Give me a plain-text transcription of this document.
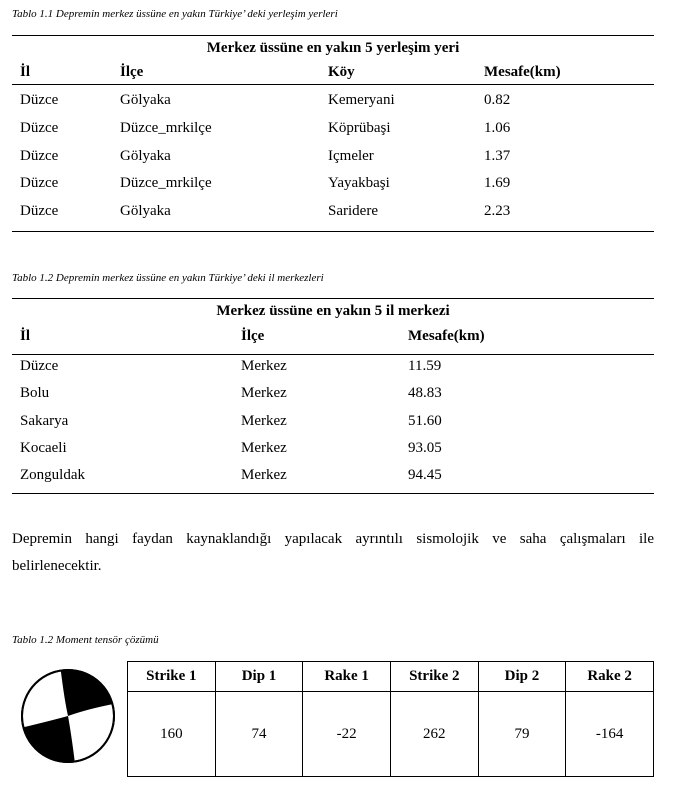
Tablo 1.1 Depremin merkez üssüne en yakın Türkiye’ deki yerleşim yerleri
Merkez üssüne en yakın 5 yerleşim yeri
İl	İlçe	Köy	Mesafe(km)
Düzce	Gölyaka	Kemeryani	0.82
Düzce	Düzce_mrkilçe	Köprübaşi	1.06
Düzce	Gölyaka	Içmeler	1.37
Düzce	Düzce_mrkilçe	Yayakbaşi	1.69
Düzce	Gölyaka	Saridere	2.23
Tablo 1.2 Depremin merkez üssüne en yakın Türkiye’ deki il merkezleri
Merkez üssüne en yakın 5 il merkezi
İl	İlçe	Mesafe(km)
Düzce	Merkez	11.59
Bolu	Merkez	48.83
Sakarya	Merkez	51.60
Kocaeli	Merkez	93.05
Zonguldak	Merkez	94.45
Depremin hangi faydan kaynaklandığı yapılacak ayrıntılı sismolojik ve saha çalışmaları ile
belirlenecektir.
Tablo 1.2 Moment tensör çözümü
Strike 1	Dip 1	Rake 1	Strike 2	Dip 2	Rake 2
160	74	-22	262	79	-164
